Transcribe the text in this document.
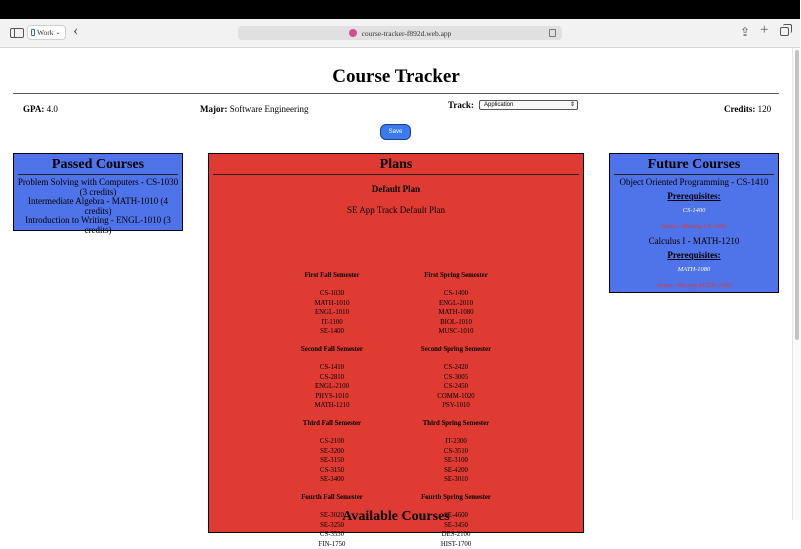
Work ⌄ ‹	course-tracker-f892d.web.app	⇪ +
Course Tracker
GPA: 4.0	Major: Software Engineering	Track:	Application ⇕	Credits: 120
Save
Passed Courses
Problem Solving with Computers - CS-1030 (3 credits)
Intermediate Algebra - MATH-1010 (4 credits)
Introduction to Writing - ENGL-1010 (3 credits)
Plans
Default Plan
SE App Track Default Plan
First Fall Semester
CS-1030
MATH-1010
ENGL-1010
IT-1100
SE-1400
First Spring Semester
CS-1400
ENGL-2010
MATH-1080
BIOL-1010
MUSC-1010
Second Fall Semester
CS-1410
CS-2810
ENGL-2100
PHYS-1010
MATH-1210
Second Spring Semester
CS-2420
CS-3005
CS-2450
COMM-1020
PSY-1010
Third Fall Semester
CS-2100
SE-3200
SE-3150
CS-3150
SE-3400
Third Spring Semester
IT-2300
CS-3510
SE-3100
SE-4200
SE-3010
Fourth Fall Semester
SE-3020
SE-3250
CS-3530
FIN-1750
Fourth Spring Semester
SE-4600
SE-3450
DES-2100
HIST-1700
Future Courses
Object Oriented Programming - CS-1410
Prerequisites:
CS-1400
Status: Missing CS-1400
Calculus I - MATH-1210
Prerequisites:
MATH-1080
Status: Missing MATH-1080
Available Courses
